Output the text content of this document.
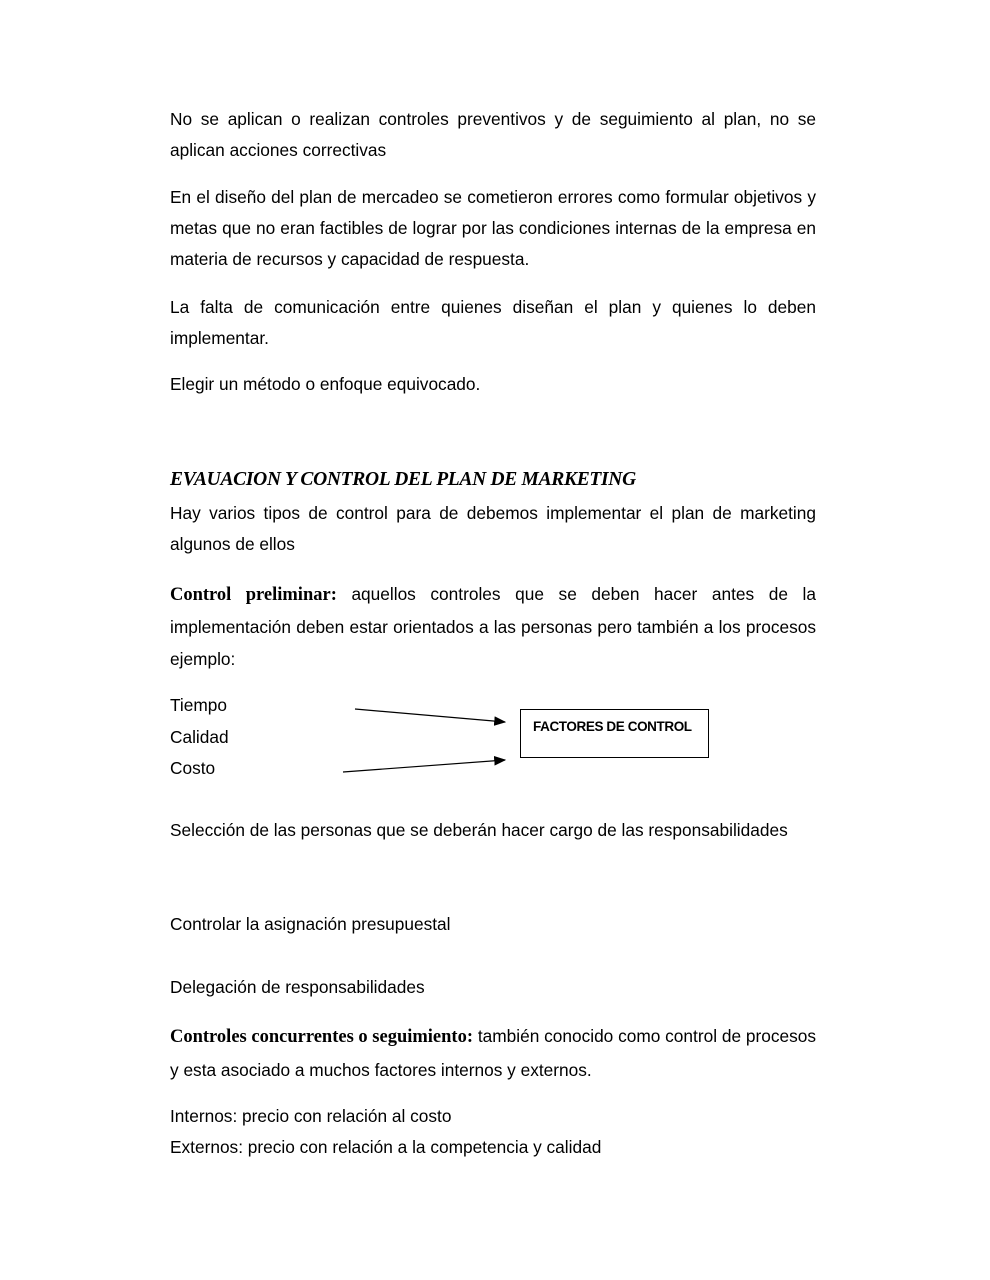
No se aplican o realizan controles preventivos y de seguimiento al plan, no se aplican acciones correctivas
En el diseño del plan de mercadeo se cometieron errores como formular objetivos y metas que no eran factibles de lograr por las condiciones internas de la empresa en materia de recursos y capacidad de respuesta.
La falta de comunicación entre quienes diseñan el plan y quienes lo deben implementar.
Elegir un método o enfoque equivocado.
EVAUACION Y CONTROL DEL PLAN DE MARKETING
Hay varios tipos de control para de debemos implementar el plan de marketing algunos de ellos
Control preliminar: aquellos controles que se deben hacer antes de la implementación deben estar orientados a las personas pero también a los procesos ejemplo:
Tiempo
Calidad
Costo
FACTORES DE CONTROL
Selección de las personas que se deberán hacer cargo de las responsabilidades
Controlar la asignación presupuestal
Delegación de responsabilidades
Controles concurrentes o seguimiento: también conocido como control de procesos y esta asociado a muchos factores internos y externos.
Internos: precio con relación al costo
Externos: precio con relación a la competencia y calidad
